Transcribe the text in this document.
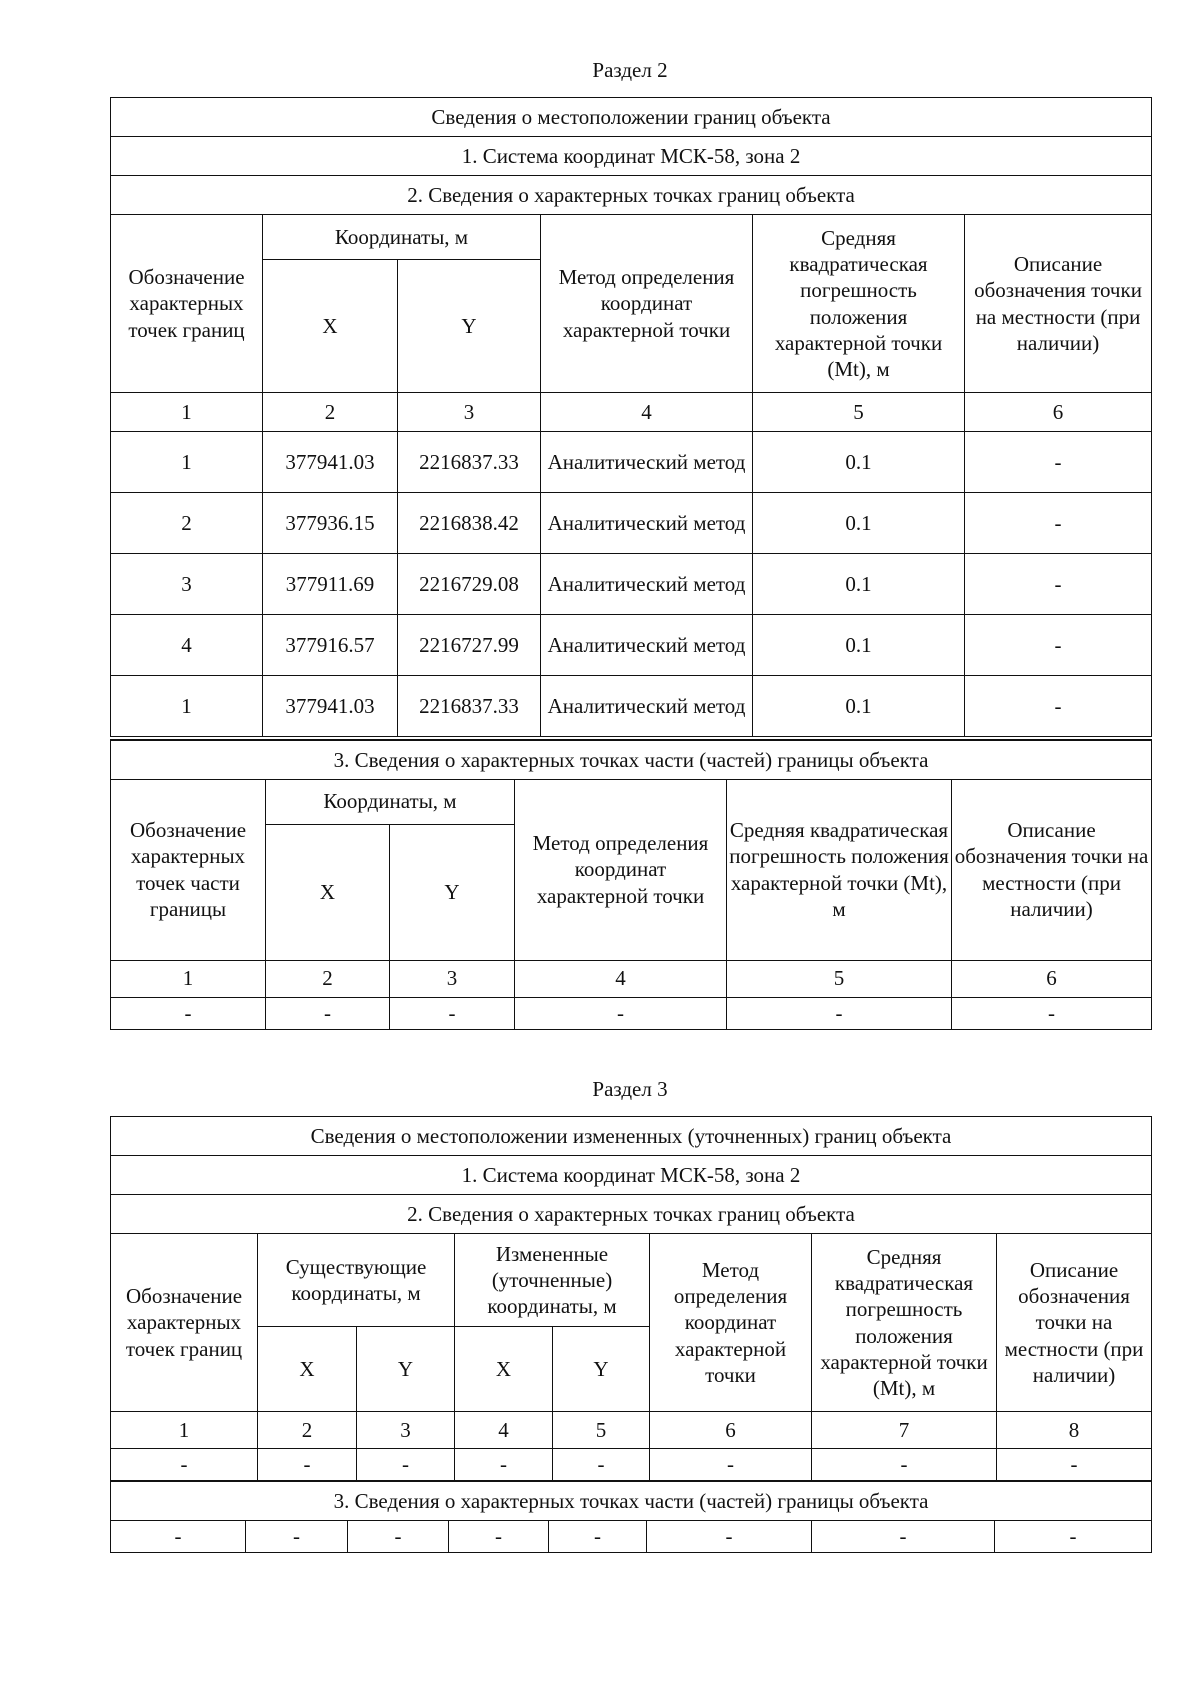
Раздел 2
Сведения о местоположении границ объекта					
1. Система координат МСК-58, зона 2					
2. Сведения о характерных точках границ объекта					
Обозначение характерных точек границ	Координаты, м		Метод определения координат характерной точки	Средняя квадратическая погрешность положения характерной точки (Mt), м	Описание обозначения точки на местности (при наличии)
	X	Y			
1	2	3	4	5	6
1	377941.03	2216837.33	Аналитический метод	0.1	-
2	377936.15	2216838.42	Аналитический метод	0.1	-
3	377911.69	2216729.08	Аналитический метод	0.1	-
4	377916.57	2216727.99	Аналитический метод	0.1	-
1	377941.03	2216837.33	Аналитический метод	0.1	-
3. Сведения о характерных точках части (частей) границы объекта					
Обозначение характерных точек части границы	Координаты, м		Метод определения координат характерной точки	Средняя квадратическая погрешность положения характерной точки (Mt), м	Описание обозначения точки на местности (при наличии)
	X	Y			
1	2	3	4	5	6
-	-	-	-	-	-
Раздел 3
Сведения о местоположении измененных (уточненных) границ объекта							
1. Система координат МСК-58, зона 2							
2. Сведения о характерных точках границ объекта							
Обозначение характерных точек границ	Существующие координаты, м		Измененные (уточненные) координаты, м		Метод определения координат характерной точки	Средняя квадратическая погрешность положения характерной точки (Mt), м	Описание обозначения точки на местности (при наличии)
	X	Y	X	Y			
1	2	3	4	5	6	7	8
-	-	-	-	-	-	-	-
3. Сведения о характерных точках части (частей) границы объекта
-	-	-	-	-	-	-	-
